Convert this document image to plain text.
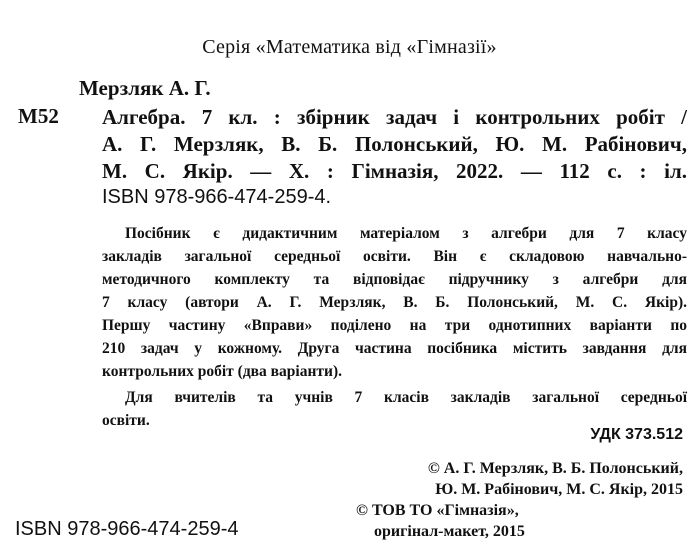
Серія «Математика від «Гімназії»
Мерзляк А. Г.
М52 Алгебра. 7 кл. : збірник задач і контрольних робіт /
А. Г. Мерзляк, В. Б. Полонський, Ю. М. Рабінович,
М. С. Якір. — Х. : Гімназія, 2022. — 112 с. : іл.
ISBN 978-966-474-259-4.
Посібник є дидактичним матеріалом з алгебри для 7 класу
закладів загальної середньої освіти. Він є складовою навчально-
методичного комплекту та відповідає підручнику з алгебри для
7 класу (автори А. Г. Мерзляк, В. Б. Полонський, М. С. Якір).
Першу частину «Вправи» поділено на три однотипних варіанти по
210 задач у кожному. Друга частина посібника містить завдання для
контрольних робіт (два варіанти).
Для вчителів та учнів 7 класів закладів загальної середньої
освіти.
УДК 373.512
© А. Г. Мерзляк, В. Б. Полонський,
Ю. М. Рабінович, М. С. Якір, 2015
© ТОВ ТО «Гімназія»,
оригінал-макет, 2015
ISBN 978-966-474-259-4
